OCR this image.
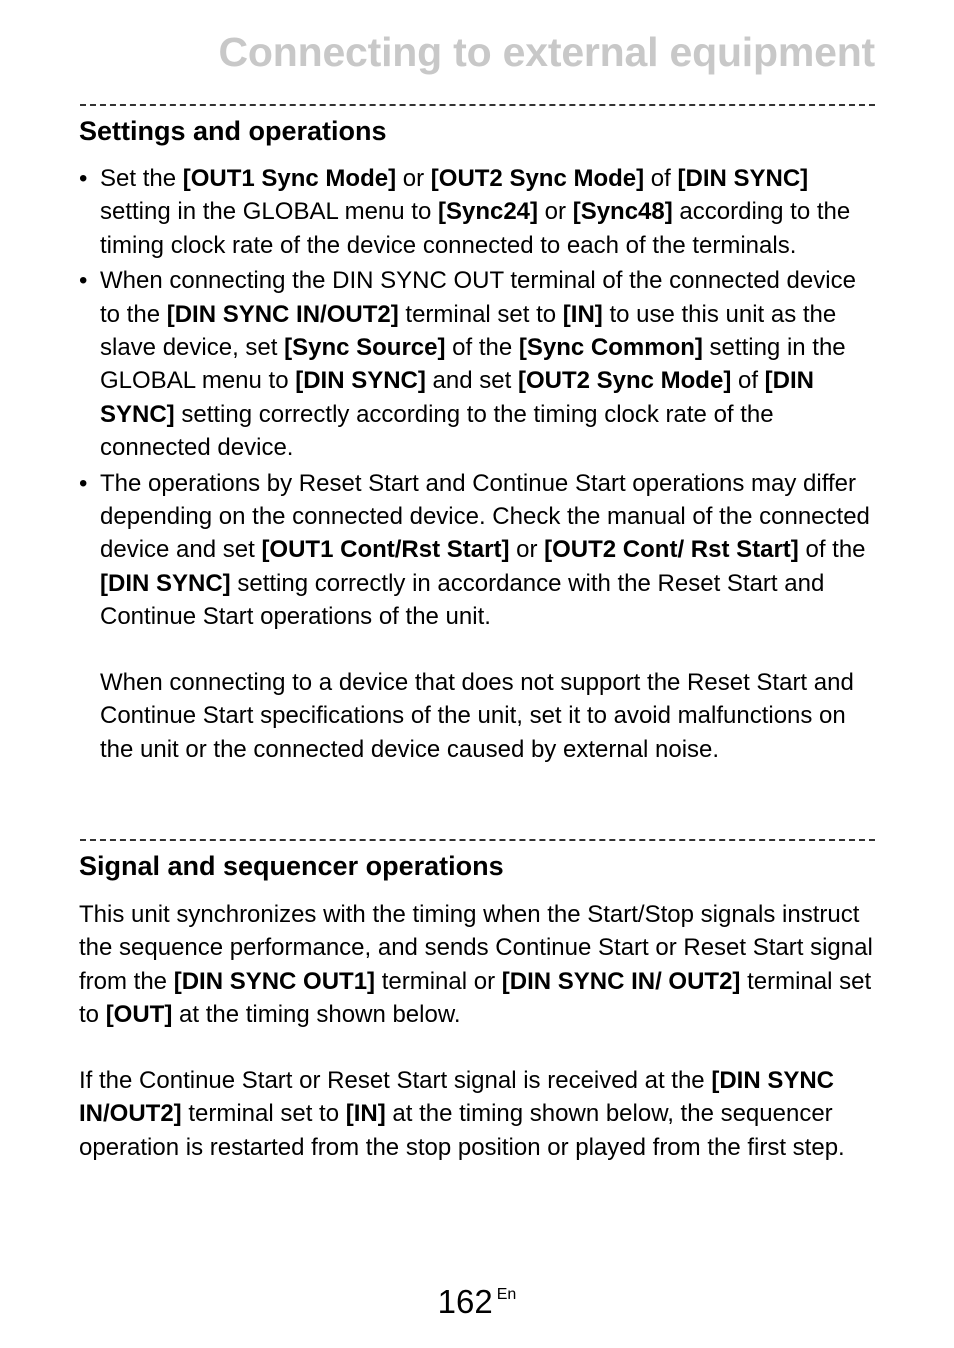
Connecting to external equipment
Settings and operations

• Set the [OUT1 Sync Mode] or [OUT2 Sync Mode] of [DIN SYNC] setting in the GLOBAL menu to [Sync24] or [Sync48] according to the timing clock rate of the device connected to each of the terminals.

• When connecting the DIN SYNC OUT terminal of the connected device to the [DIN SYNC IN/OUT2] terminal set to [IN] to use this unit as the slave device, set [Sync Source] of the [Sync Common] setting in the GLOBAL menu to [DIN SYNC] and set [OUT2 Sync Mode] of [DIN SYNC] setting correctly according to the timing clock rate of the connected device.

• The operations by Reset Start and Continue Start operations may differ depending on the connected device. Check the manual of the connected device and set [OUT1 Cont/Rst Start] or [OUT2 Cont/ Rst Start] of the [DIN SYNC] setting correctly in accordance with the Reset Start and Continue Start operations of the unit.

When connecting to a device that does not support the Reset Start and Continue Start specifications of the unit, set it to avoid malfunctions on the unit or the connected device caused by external noise.

Signal and sequencer operations

This unit synchronizes with the timing when the Start/Stop signals instruct the sequence performance, and sends Continue Start or Reset Start signal from the [DIN SYNC OUT1] terminal or [DIN SYNC IN/ OUT2] terminal set to [OUT] at the timing shown below.

If the Continue Start or Reset Start signal is received at the [DIN SYNC IN/OUT2] terminal set to [IN] at the timing shown below, the sequencer operation is restarted from the stop position or played from the first step.

162 $^{En}$
